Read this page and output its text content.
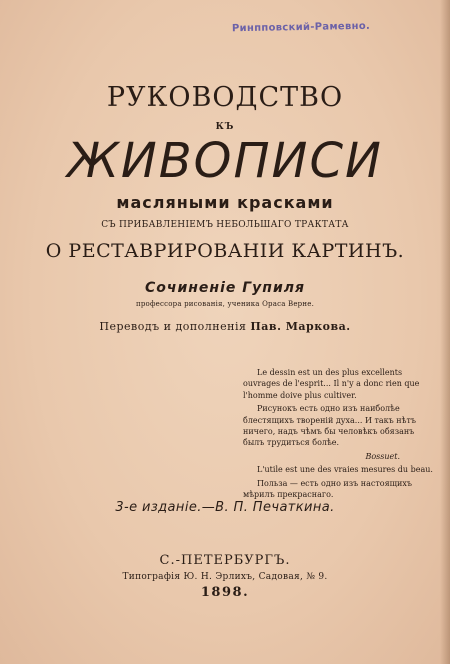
Ринпповский-Рамевно.
РУКОВОДСТВО
КЪ
ЖИВОПИСИ
масляными красками
СЪ ПРИБАВЛЕНІЕМЪ НЕБОЛЬШАГО ТРАКТАТА
О РЕСТАВРИРОВАНІИ КАРТИНЪ.
Сочиненіе Гупиля
профессора рисованія, ученика Ораса Верне.
Переводъ и дополненія Пав. Маркова.

Le dessin est un des plus excellents ouvrages de l'esprit... Il n'y a donc rien que l'homme doive plus cultiver.

Рисунокъ есть одно изъ наиболѣе блестящихъ твореній духа... И такъ нѣтъ ничего, надъ чѣмъ бы человѣкъ обязанъ былъ трудиться болѣе.

Bossuet.

L'utile est une des vraies mesures du beau.

Польза — есть одно изъ настоящихъ мѣрилъ прекраснаго.

3-е изданіе.—В. П. Печаткина.
С.-ПЕТЕРБУРГЪ.
Типографія Ю. Н. Эрлихъ, Садовая, № 9.
1898.
